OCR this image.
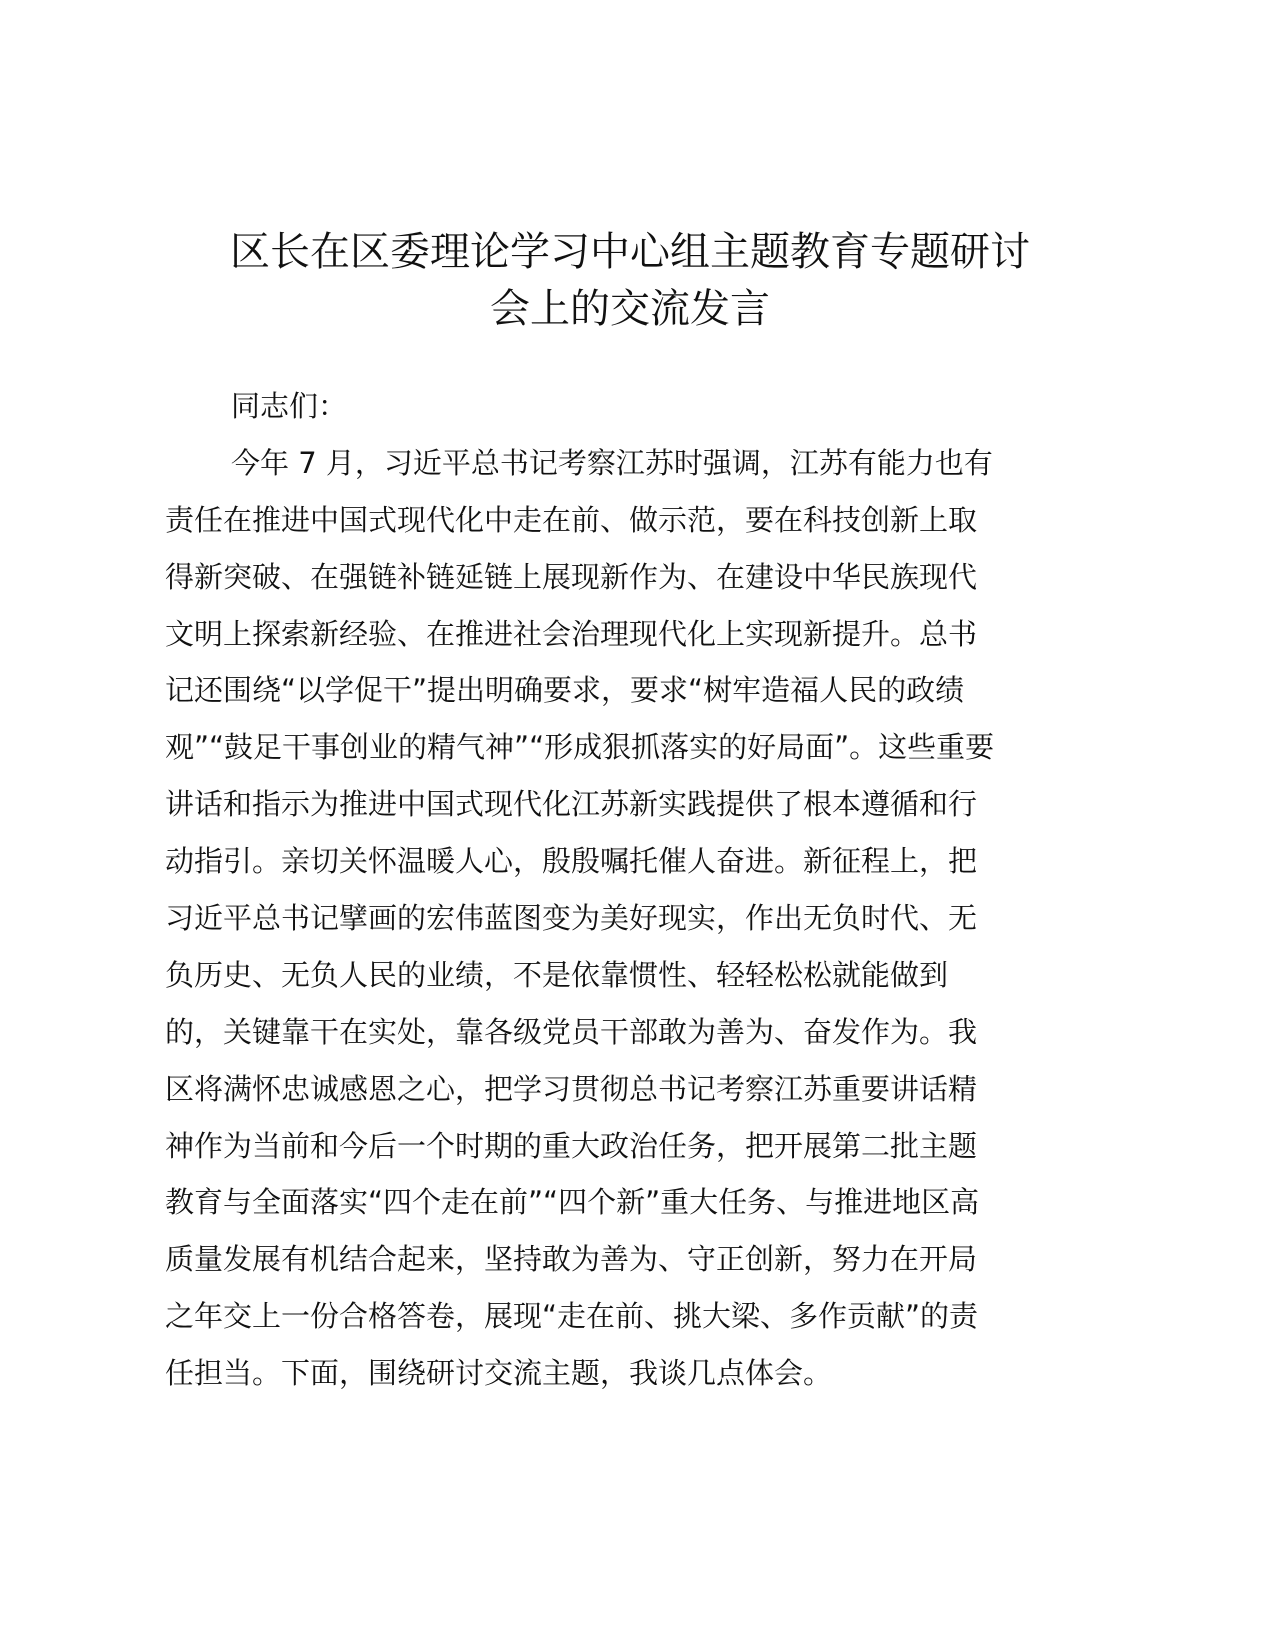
区长在区委理论学习中心组主题教育专题研讨
会上的交流发言
同志们：
今年 7 月，习近平总书记考察江苏时强调，江苏有能力也有
责任在推进中国式现代化中走在前、做示范，要在科技创新上取
得新突破、在强链补链延链上展现新作为、在建设中华民族现代
文明上探索新经验、在推进社会治理现代化上实现新提升。总书
记还围绕“以学促干”提出明确要求，要求“树牢造福人民的政绩
观”“鼓足干事创业的精气神”“形成狠抓落实的好局面”。这些重要
讲话和指示为推进中国式现代化江苏新实践提供了根本遵循和行
动指引。亲切关怀温暖人心，殷殷嘱托催人奋进。新征程上，把
习近平总书记擘画的宏伟蓝图变为美好现实，作出无负时代、无
负历史、无负人民的业绩，不是依靠惯性、轻轻松松就能做到
的，关键靠干在实处，靠各级党员干部敢为善为、奋发作为。我
区将满怀忠诚感恩之心，把学习贯彻总书记考察江苏重要讲话精
神作为当前和今后一个时期的重大政治任务，把开展第二批主题
教育与全面落实“四个走在前”“四个新”重大任务、与推进地区高
质量发展有机结合起来，坚持敢为善为、守正创新，努力在开局
之年交上一份合格答卷，展现“走在前、挑大梁、多作贡献”的责
任担当。下面，围绕研讨交流主题，我谈几点体会。
